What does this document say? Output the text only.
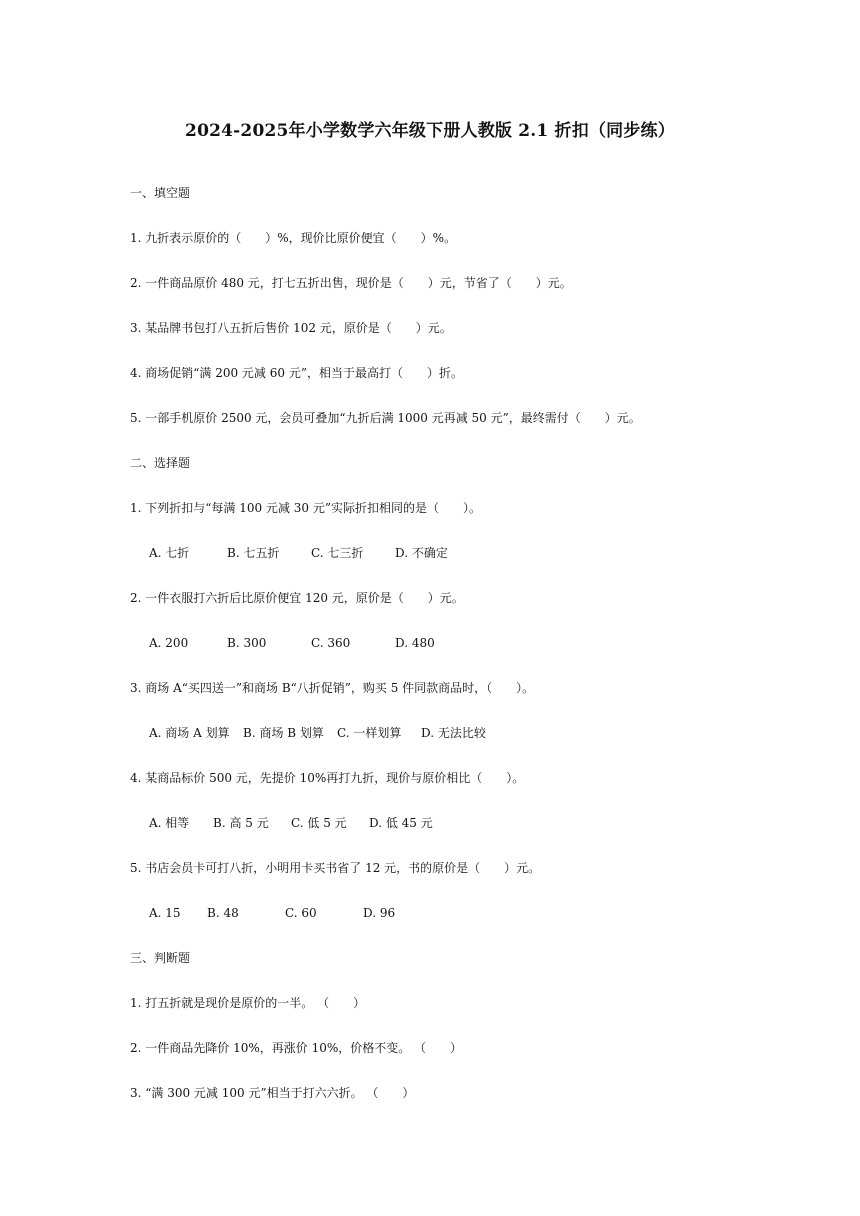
2024-2025年小学数学六年级下册人教版 2.1 折扣（同步练）
一、填空题
1. 九折表示原价的（　　）%，现价比原价便宜（　　）%。
2. 一件商品原价 480 元，打七五折出售，现价是（　　）元，节省了（　　）元。
3. 某品牌书包打八五折后售价 102 元，原价是（　　）元。
4. 商场促销“满 200 元减 60 元”，相当于最高打（　　）折。
5. 一部手机原价 2500 元，会员可叠加“九折后满 1000 元再减 50 元”，最终需付（　　）元。
二、选择题
1. 下列折扣与“每满 100 元减 30 元”实际折扣相同的是（　　）。
A. 七折	B. 七五折	C. 七三折	D. 不确定
2. 一件衣服打六折后比原价便宜 120 元，原价是（　　）元。
A. 200	B. 300	C. 360	D. 480
3. 商场 A“买四送一”和商场 B“八折促销”，购买 5 件同款商品时，（　　）。
A. 商场 A 划算 B. 商场 B 划算 C. 一样划算 D. 无法比较
4. 某商品标价 500 元，先提价 10%再打九折，现价与原价相比（　　）。
A. 相等 B. 高 5 元 C. 低 5 元 D. 低 45 元
5. 书店会员卡可打八折，小明用卡买书省了 12 元，书的原价是（　　）元。
A. 15 B. 48	C. 60	D. 96
三、判断题
1. 打五折就是现价是原价的一半。 （　　）
2. 一件商品先降价 10%，再涨价 10%，价格不变。 （　　）
3. “满 300 元减 100 元”相当于打六六折。 （　　）
